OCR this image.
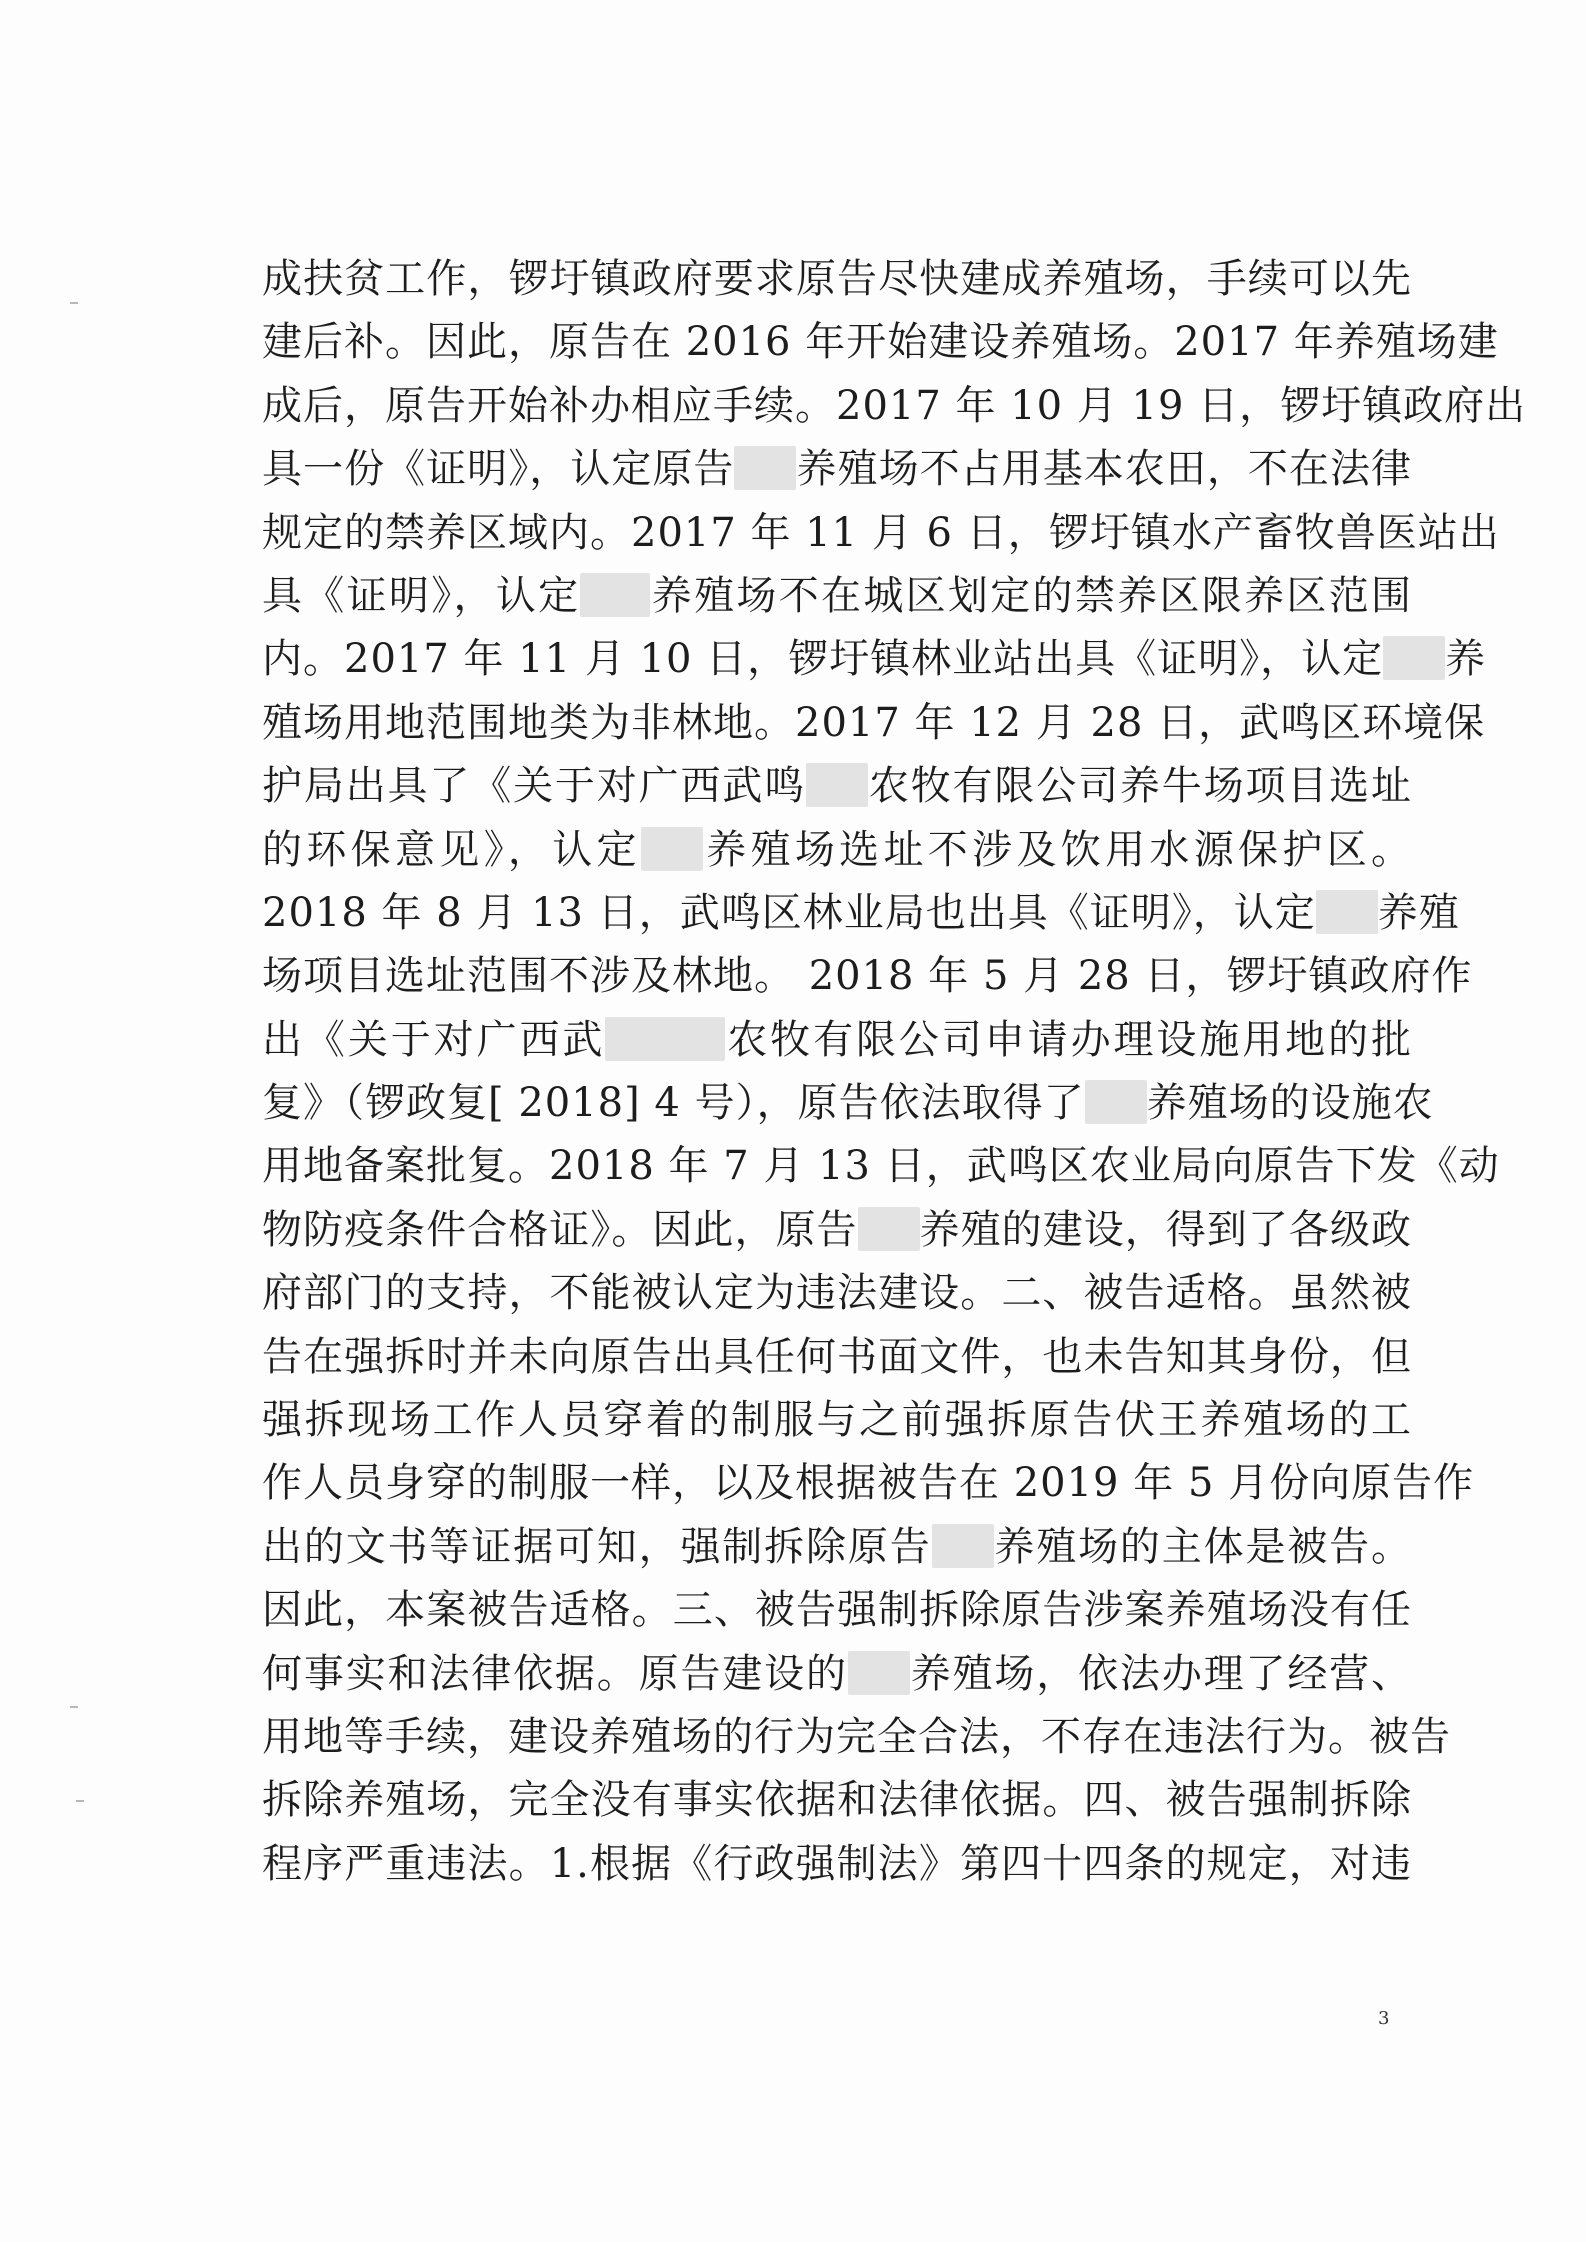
成扶贫工作，锣圩镇政府要求原告尽快建成养殖场，手续可以先
建后补。因此，原告在 2016 年开始建设养殖场。2017 年养殖场建
成后，原告开始补办相应手续。2017 年 10 月 19 日，锣圩镇政府出
具一份《证明》，认定原告 养殖场不占用基本农田，不在法律
规定的禁养区域内。2017 年 11 月 6 日，锣圩镇水产畜牧兽医站出
具《证明》，认定 养殖场不在城区划定的禁养区限养区范围
内。2017 年 11 月 10 日，锣圩镇林业站出具《证明》，认定 养
殖场用地范围地类为非林地。2017 年 12 月 28 日，武鸣区环境保
护局出具了《关于对广西武鸣 农牧有限公司养牛场项目选址
的环保意见》，认定 养殖场选址不涉及饮用水源保护区。
2018 年 8 月 13 日，武鸣区林业局也出具《证明》，认定 养殖
场项目选址范围不涉及林地。 2018 年 5 月 28 日，锣圩镇政府作
出《关于对广西武	农牧有限公司申请办理设施用地的批
复》（锣政复[ 2018] 4 号），原告依法取得了 养殖场的设施农
用地备案批复。2018 年 7 月 13 日，武鸣区农业局向原告下发《动
物防疫条件合格证》。因此，原告 养殖的建设，得到了各级政
府部门的支持，不能被认定为违法建设。二、被告适格。虽然被
告在强拆时并未向原告出具任何书面文件，也未告知其身份，但
强拆现场工作人员穿着的制服与之前强拆原告伏王养殖场的工
作人员身穿的制服一样，以及根据被告在 2019 年 5 月份向原告作
出的文书等证据可知，强制拆除原告 养殖场的主体是被告。
因此，本案被告适格。三、被告强制拆除原告涉案养殖场没有任
何事实和法律依据。原告建设的 养殖场，依法办理了经营、
用地等手续，建设养殖场的行为完全合法，不存在违法行为。被告
拆除养殖场，完全没有事实依据和法律依据。四、被告强制拆除
程序严重违法。1.根据《行政强制法》第四十四条的规定，对违
3
